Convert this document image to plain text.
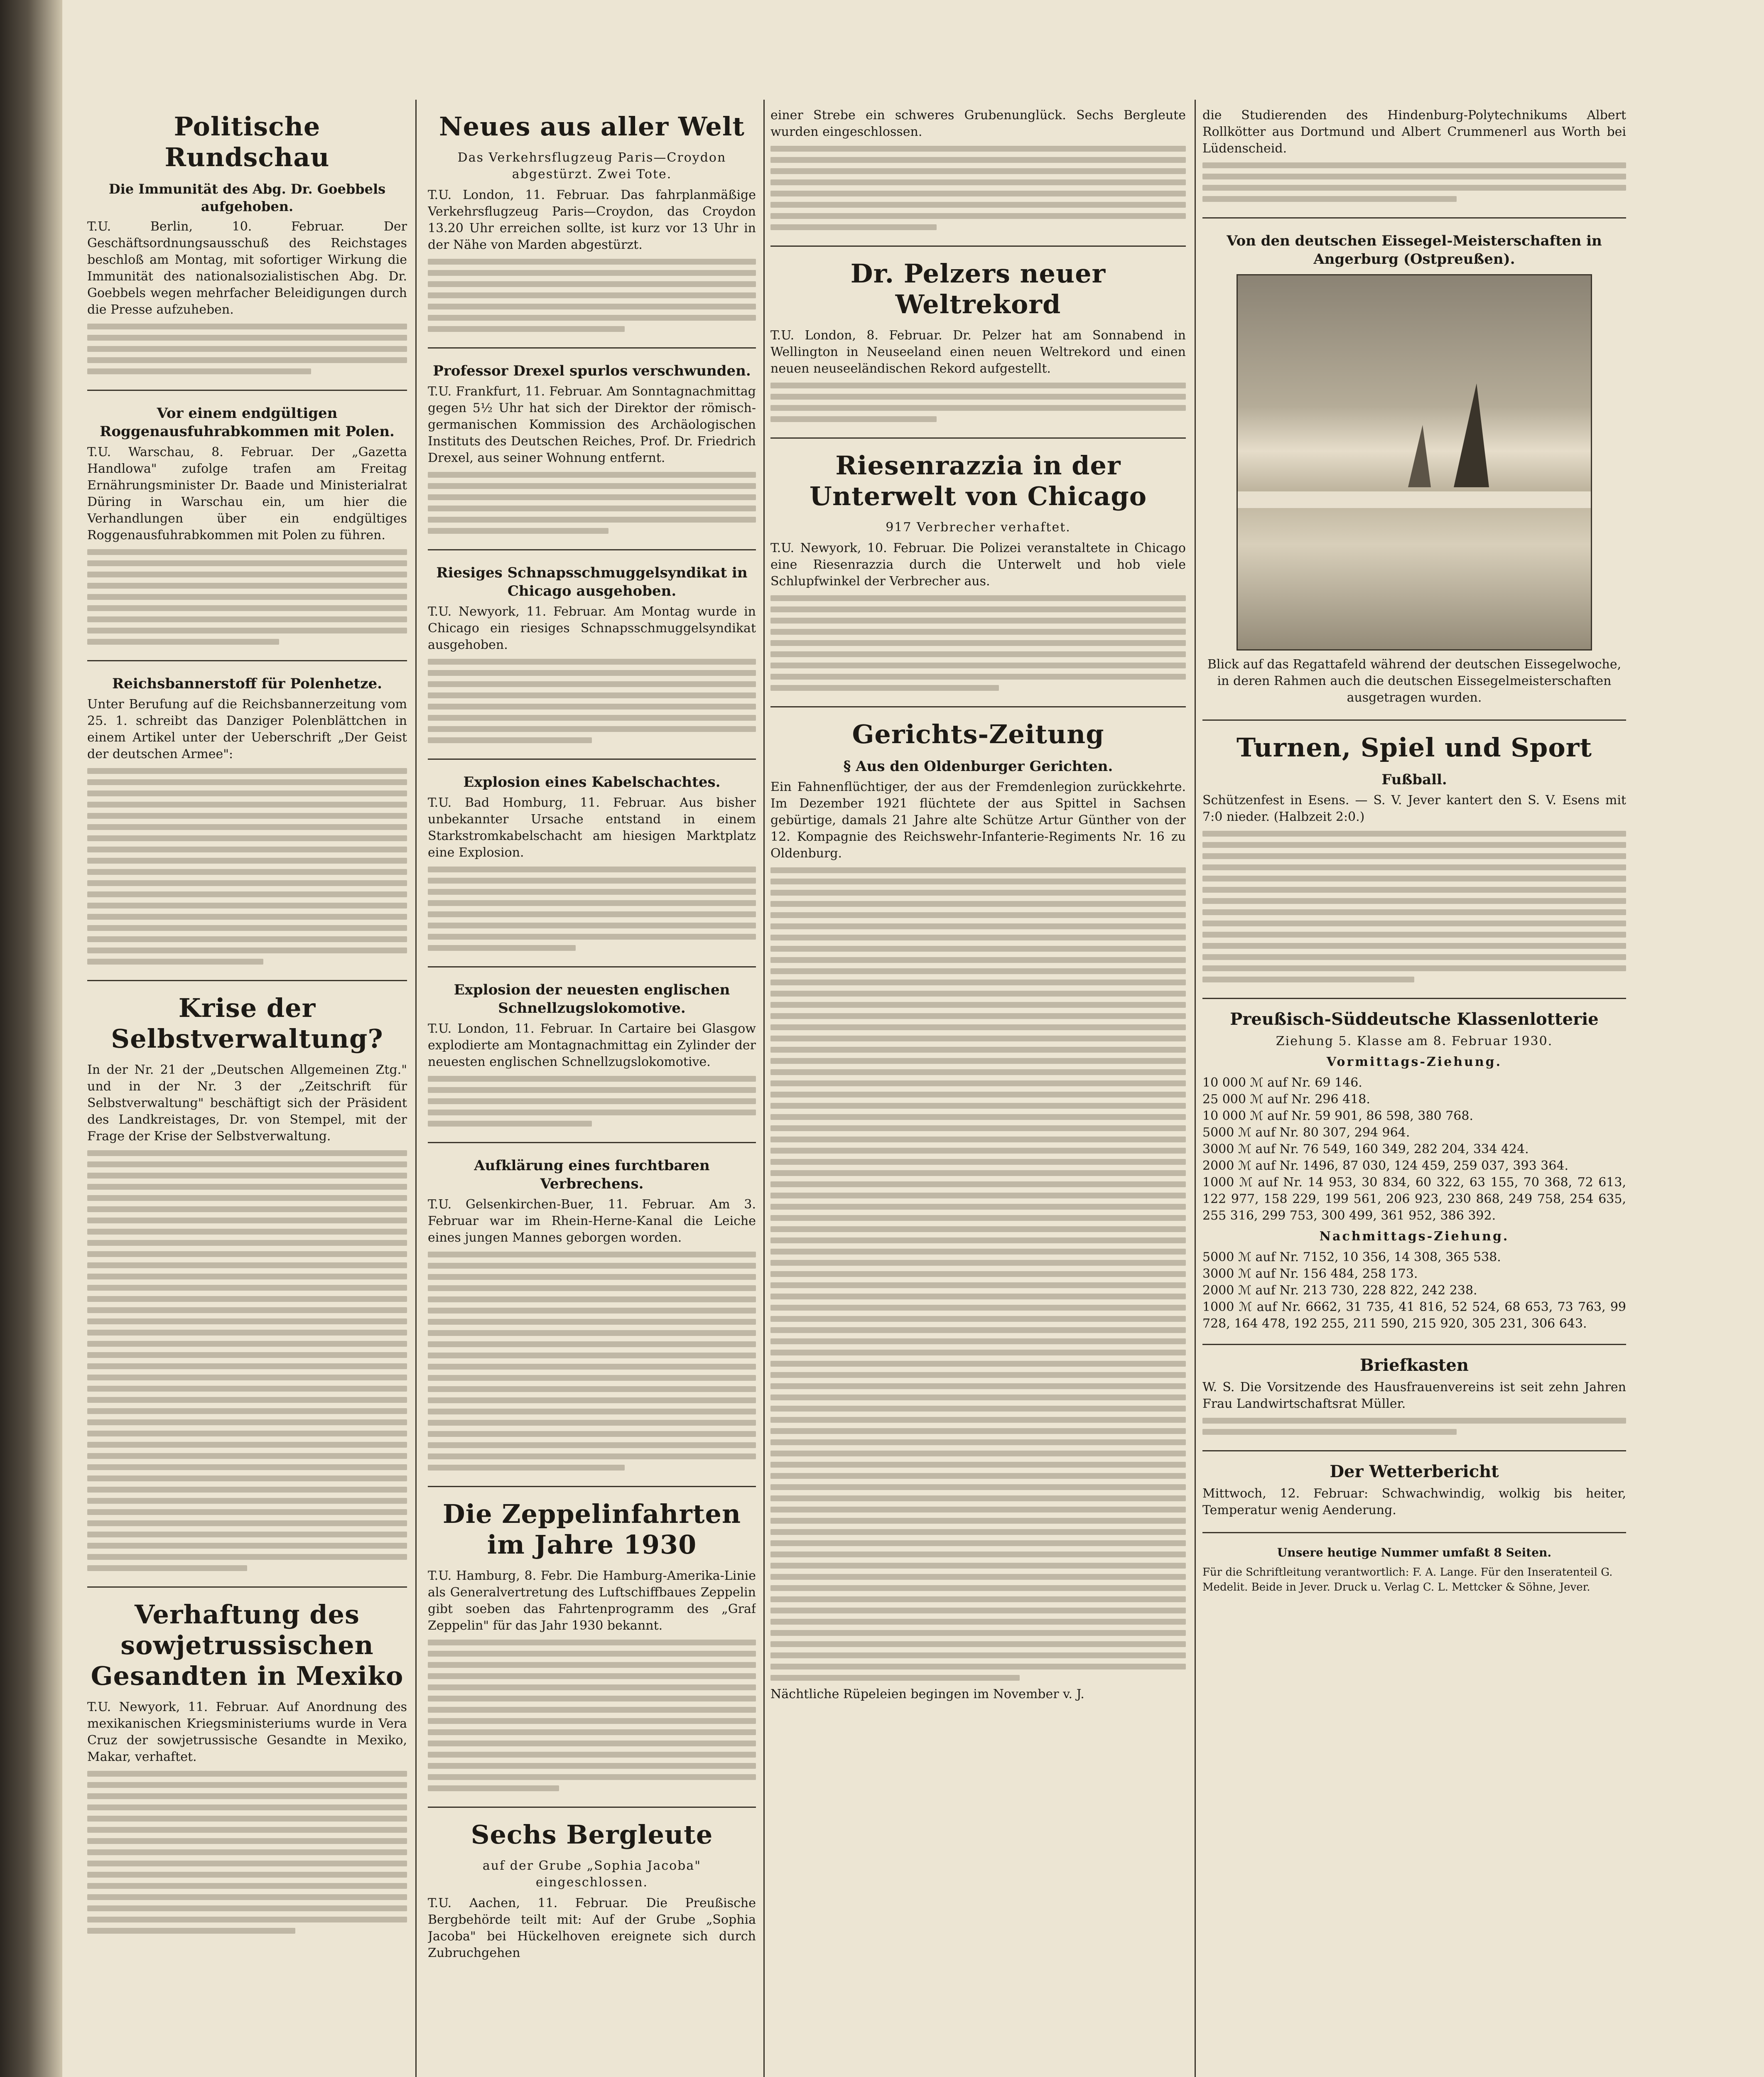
Politische Rundschau
Die Immunität des Abg. Dr. Goebbels aufgehoben.

T.U. Berlin, 10. Februar. Der Geschäftsordnungsausschuß des Reichstages beschloß am Montag, mit sofortiger Wirkung die Immunität des nationalsozialistischen Abg. Dr. Goebbels wegen mehrfacher Beleidigungen durch die Presse aufzuheben.

Vor einem endgültigen Roggenausfuhrabkommen mit Polen.

T.U. Warschau, 8. Februar. Der „Gazetta Handlowa" zufolge trafen am Freitag Ernährungsminister Dr. Baade und Ministerialrat Düring in Warschau ein, um hier die Verhandlungen über ein endgültiges Roggenausfuhrabkommen mit Polen zu führen.

Reichsbannerstoff für Polenhetze.

Unter Berufung auf die Reichsbannerzeitung vom 25. 1. schreibt das Danziger Polenblättchen in einem Artikel unter der Ueberschrift „Der Geist der deutschen Armee":

Krise der Selbstverwaltung?

In der Nr. 21 der „Deutschen Allgemeinen Ztg." und in der Nr. 3 der „Zeitschrift für Selbstverwaltung" beschäftigt sich der Präsident des Landkreistages, Dr. von Stempel, mit der Frage der Krise der Selbstverwaltung.

Verhaftung des sowjetrussischen Gesandten in Mexiko

T.U. Newyork, 11. Februar. Auf Anordnung des mexikanischen Kriegsministeriums wurde in Vera Cruz der sowjetrussische Gesandte in Mexiko, Makar, verhaftet.

Neues aus aller Welt
Das Verkehrsflugzeug Paris—Croydon abgestürzt. Zwei Tote.

T.U. London, 11. Februar. Das fahrplanmäßige Verkehrsflugzeug Paris—Croydon, das Croydon 13.20 Uhr erreichen sollte, ist kurz vor 13 Uhr in der Nähe von Marden abgestürzt.

Professor Drexel spurlos verschwunden.

T.U. Frankfurt, 11. Februar. Am Sonntagnachmittag gegen 5½ Uhr hat sich der Direktor der römisch-germanischen Kommission des Archäologischen Instituts des Deutschen Reiches, Prof. Dr. Friedrich Drexel, aus seiner Wohnung entfernt.

Riesiges Schnapsschmuggelsyndikat in Chicago ausgehoben.

T.U. Newyork, 11. Februar. Am Montag wurde in Chicago ein riesiges Schnapsschmuggelsyndikat ausgehoben.

Explosion eines Kabelschachtes.

T.U. Bad Homburg, 11. Februar. Aus bisher unbekannter Ursache entstand in einem Starkstromkabelschacht am hiesigen Marktplatz eine Explosion.

Explosion der neuesten englischen Schnellzugslokomotive.

T.U. London, 11. Februar. In Cartaire bei Glasgow explodierte am Montagnachmittag ein Zylinder der neuesten englischen Schnellzugslokomotive.

Aufklärung eines furchtbaren Verbrechens.

T.U. Gelsenkirchen-Buer, 11. Februar. Am 3. Februar war im Rhein-Herne-Kanal die Leiche eines jungen Mannes geborgen worden.

Die Zeppelinfahrten im Jahre 1930

T.U. Hamburg, 8. Febr. Die Hamburg-Amerika-Linie als Generalvertretung des Luftschiffbaues Zeppelin gibt soeben das Fahrtenprogramm des „Graf Zeppelin" für das Jahr 1930 bekannt.

Sechs Bergleute
auf der Grube „Sophia Jacoba" eingeschlossen.

T.U. Aachen, 11. Februar. Die Preußische Bergbehörde teilt mit: Auf der Grube „Sophia Jacoba" bei Hückelhoven ereignete sich durch Zubruchgehen

einer Strebe ein schweres Grubenunglück. Sechs Bergleute wurden eingeschlossen.

Dr. Pelzers neuer Weltrekord

T.U. London, 8. Februar. Dr. Pelzer hat am Sonnabend in Wellington in Neuseeland einen neuen Weltrekord und einen neuen neuseeländischen Rekord aufgestellt.

Riesenrazzia in der Unterwelt von Chicago
917 Verbrecher verhaftet.

T.U. Newyork, 10. Februar. Die Polizei veranstaltete in Chicago eine Riesenrazzia durch die Unterwelt und hob viele Schlupfwinkel der Verbrecher aus.

Gerichts-Zeitung
§ Aus den Oldenburger Gerichten.

Ein Fahnenflüchtiger, der aus der Fremdenlegion zurückkehrte. Im Dezember 1921 flüchtete der aus Spittel in Sachsen gebürtige, damals 21 Jahre alte Schütze Artur Günther von der 12. Kompagnie des Reichswehr-Infanterie-Regiments Nr. 16 zu Oldenburg.

Nächtliche Rüpeleien begingen im November v. J.

die Studierenden des Hindenburg-Polytechnikums Albert Rollkötter aus Dortmund und Albert Crummenerl aus Worth bei Lüdenscheid.

Von den deutschen Eissegel-Meisterschaften in Angerburg (Ostpreußen).
Blick auf das Regattafeld während der deutschen Eissegelwoche, in deren Rahmen auch die deutschen Eissegelmeisterschaften ausgetragen wurden.
Turnen, Spiel und Sport
Fußball.

Schützenfest in Esens. — S. V. Jever kantert den S. V. Esens mit 7:0 nieder. (Halbzeit 2:0.)

Preußisch-Süddeutsche Klassenlotterie
Ziehung 5. Klasse am 8. Februar 1930.
Vormittags-Ziehung.
10 000 ℳ auf Nr. 69 146.
25 000 ℳ auf Nr. 296 418.
10 000 ℳ auf Nr. 59 901, 86 598, 380 768.
5000 ℳ auf Nr. 80 307, 294 964.
3000 ℳ auf Nr. 76 549, 160 349, 282 204, 334 424.
2000 ℳ auf Nr. 1496, 87 030, 124 459, 259 037, 393 364.
1000 ℳ auf Nr. 14 953, 30 834, 60 322, 63 155, 70 368, 72 613, 122 977, 158 229, 199 561, 206 923, 230 868, 249 758, 254 635, 255 316, 299 753, 300 499, 361 952, 386 392.
Nachmittags-Ziehung.
5000 ℳ auf Nr. 7152, 10 356, 14 308, 365 538.
3000 ℳ auf Nr. 156 484, 258 173.
2000 ℳ auf Nr. 213 730, 228 822, 242 238.
1000 ℳ auf Nr. 6662, 31 735, 41 816, 52 524, 68 653, 73 763, 99 728, 164 478, 192 255, 211 590, 215 920, 305 231, 306 643.
Briefkasten

W. S. Die Vorsitzende des Hausfrauenvereins ist seit zehn Jahren Frau Landwirtschaftsrat Müller.

Der Wetterbericht

Mittwoch, 12. Februar: Schwachwindig, wolkig bis heiter, Temperatur wenig Aenderung.

Unsere heutige Nummer umfaßt 8 Seiten.
Für die Schriftleitung verantwortlich: F. A. Lange. Für den Inseratenteil G. Medelit. Beide in Jever. Druck u. Verlag C. L. Mettcker & Söhne, Jever.
